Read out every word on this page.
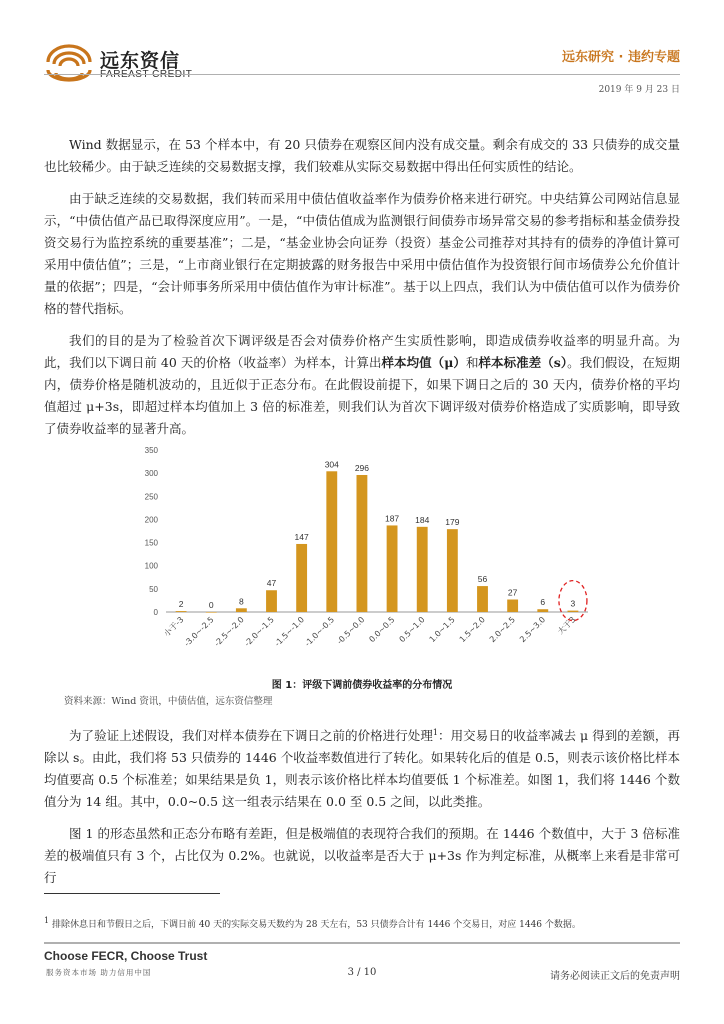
远东资信	远东研究 · 违约专题
2019 年 9 月 23 日

Wind 数据显示，在 53 个样本中，有 20 只债券在观察区间内没有成交量。剩余有成交的 33 只债券的成交量也比较稀少。由于缺乏连续的交易数据支撑，我们较难从实际交易数据中得出任何实质性的结论。

由于缺乏连续的交易数据，我们转而采用中债估值收益率作为债券价格来进行研究。中央结算公司网站信息显示，“中债估值产品已取得深度应用”。一是，“中债估值成为监测银行间债券市场异常交易的参考指标和基金债券投资交易行为监控系统的重要基准”；二是，“基金业协会向证券（投资）基金公司推荐对其持有的债券的净值计算可采用中债估值”；三是，“上市商业银行在定期披露的财务报告中采用中债估值作为投资银行间市场债券公允价值计量的依据”；四是，“会计师事务所采用中债估值作为审计标准”。基于以上四点，我们认为中债估值可以作为债券价格的替代指标。

我们的目的是为了检验首次下调评级是否会对债券价格产生实质性影响，即造成债券收益率的明显升高。为此，我们以下调日前 40 天的价格（收益率）为样本，计算出样本均值（μ）和样本标准差（s）。我们假设，在短期内，债券价格是随机波动的，且近似于正态分布。在此假设前提下，如果下调日之后的 30 天内，债券价格的平均值超过 μ+3s，即超过样本均值加上 3 倍的标准差，则我们认为首次下调评级对债券价格造成了实质影响，即导致了债券收益率的显著升高。

0
50
100
150
200
250
300
350
2
小于-3
0
-3.0~-2.5
8
-2.5~-2.0
47
-2.0~-1.5
147
-1.5~-1.0
304
-1.0~-0.5
296
-0.5~0.0
187
0.0~0.5
184
0.5~1.0
179
1.0~1.5
56
1.5~2.0
27
2.0~2.5
6
2.5~3.0
3
大于3
图 1：评级下调前债券收益率的分布情况
资料来源：Wind 资讯，中债估值，远东资信整理

为了验证上述假设，我们对样本债券在下调日之前的价格进行处理$^1$：用交易日的收益率减去 μ 得到的差额，再除以 s。由此，我们将 53 只债券的 1446 个收益率数值进行了转化。如果转化后的值是 0.5，则表示该价格比样本均值要高 0.5 个标准差；如果结果是负 1，则表示该价格比样本均值要低 1 个标准差。如图 1，我们将 1446 个数值分为 14 组。其中，0.0~0.5 这一组表示结果在 0.0 至 0.5 之间，以此类推。

图 1 的形态虽然和正态分布略有差距，但是极端值的表现符合我们的预期。在 1446 个数值中，大于 3 倍标准差的极端值只有 3 个，占比仅为 0.2%。也就说，以收益率是否大于 μ+3s 作为判定标准，从概率上来看是非常可行

$^1$ 排除休息日和节假日之后，下调日前 40 天的实际交易天数约为 28 天左右，53 只债券合计有 1446 个交易日，对应 1446 个数据。
Choose FECR, Choose Trust
服务资本市场 助力信用中国	3 / 10	请务必阅读正文后的免责声明
